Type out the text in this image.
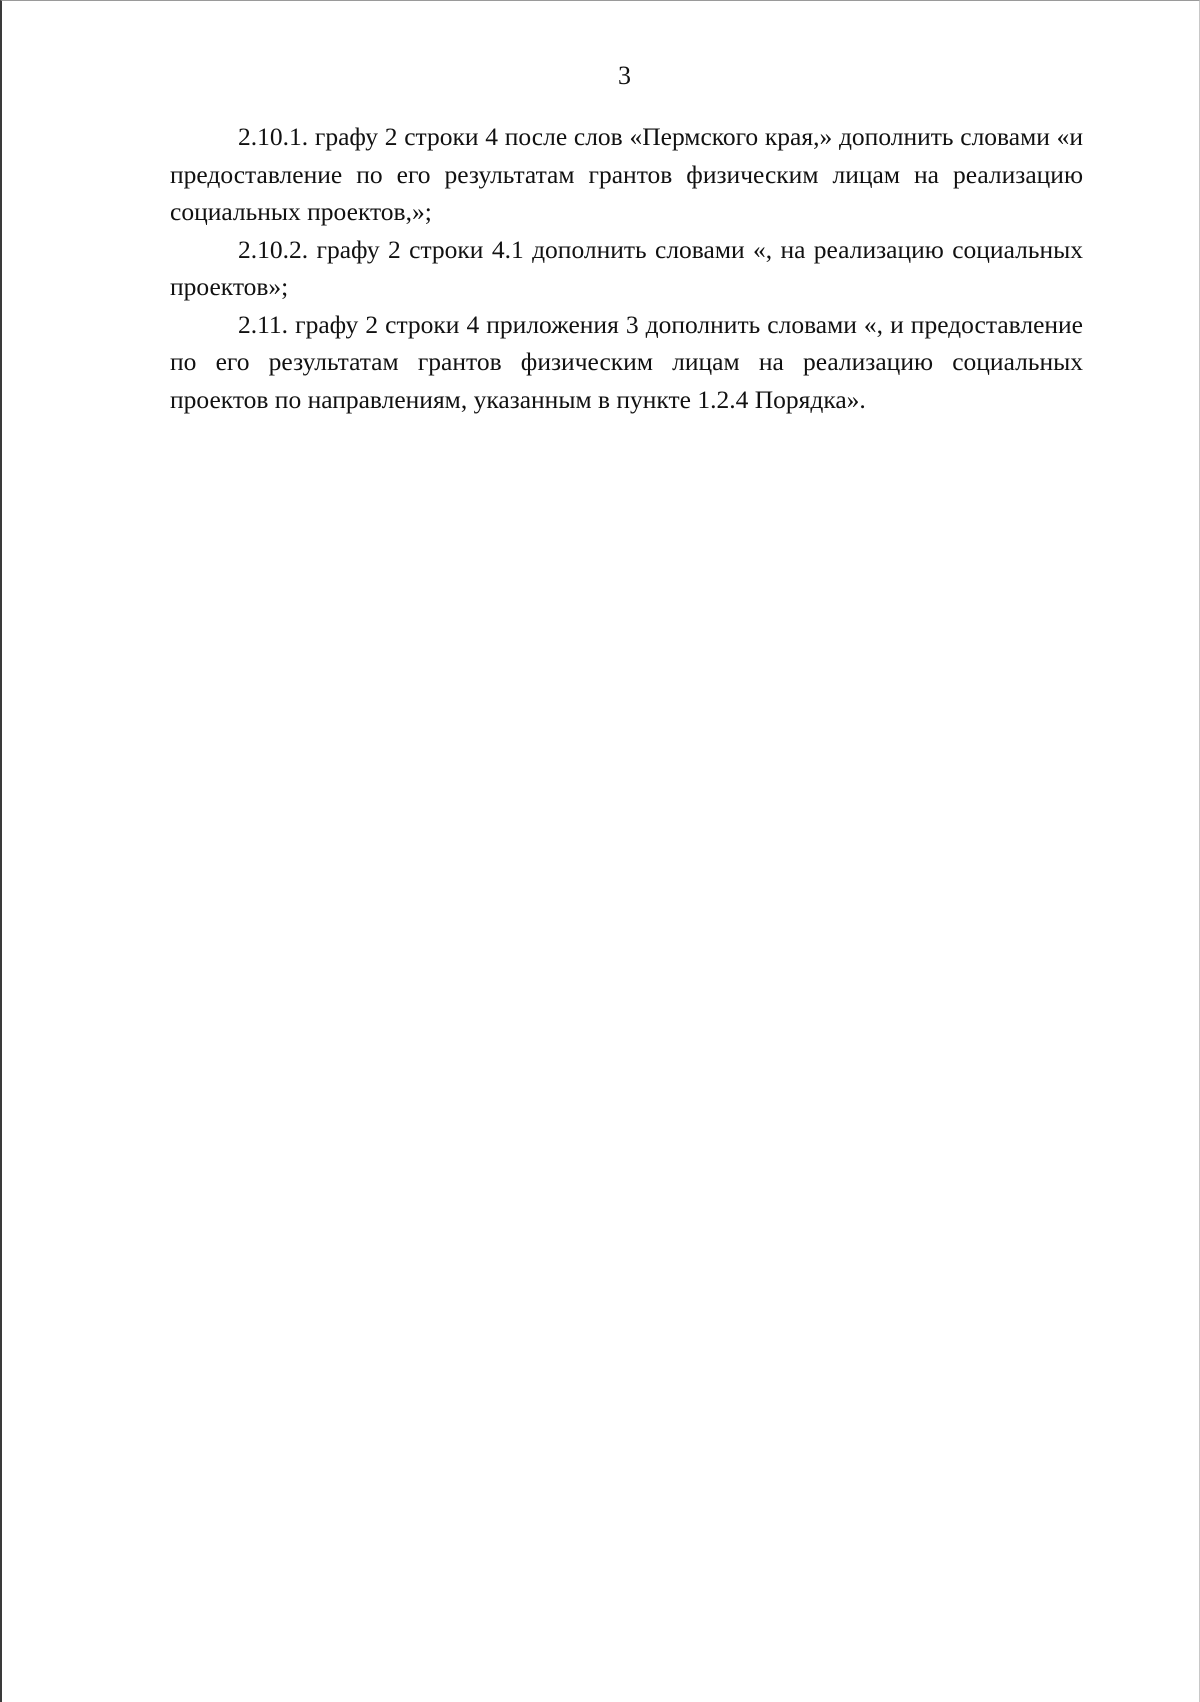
3

2.10.1. графу 2 строки 4 после слов «Пермского края,» дополнить словами «и предоставление по его результатам грантов физическим лицам на реализацию социальных проектов,»;

2.10.2. графу 2 строки 4.1 дополнить словами «, на реализацию социальных проектов»;

2.11. графу 2 строки 4 приложения 3 дополнить словами «, и предоставление по его результатам грантов физическим лицам на реализацию социальных проектов по направлениям, указанным в пункте 1.2.4 Порядка».
